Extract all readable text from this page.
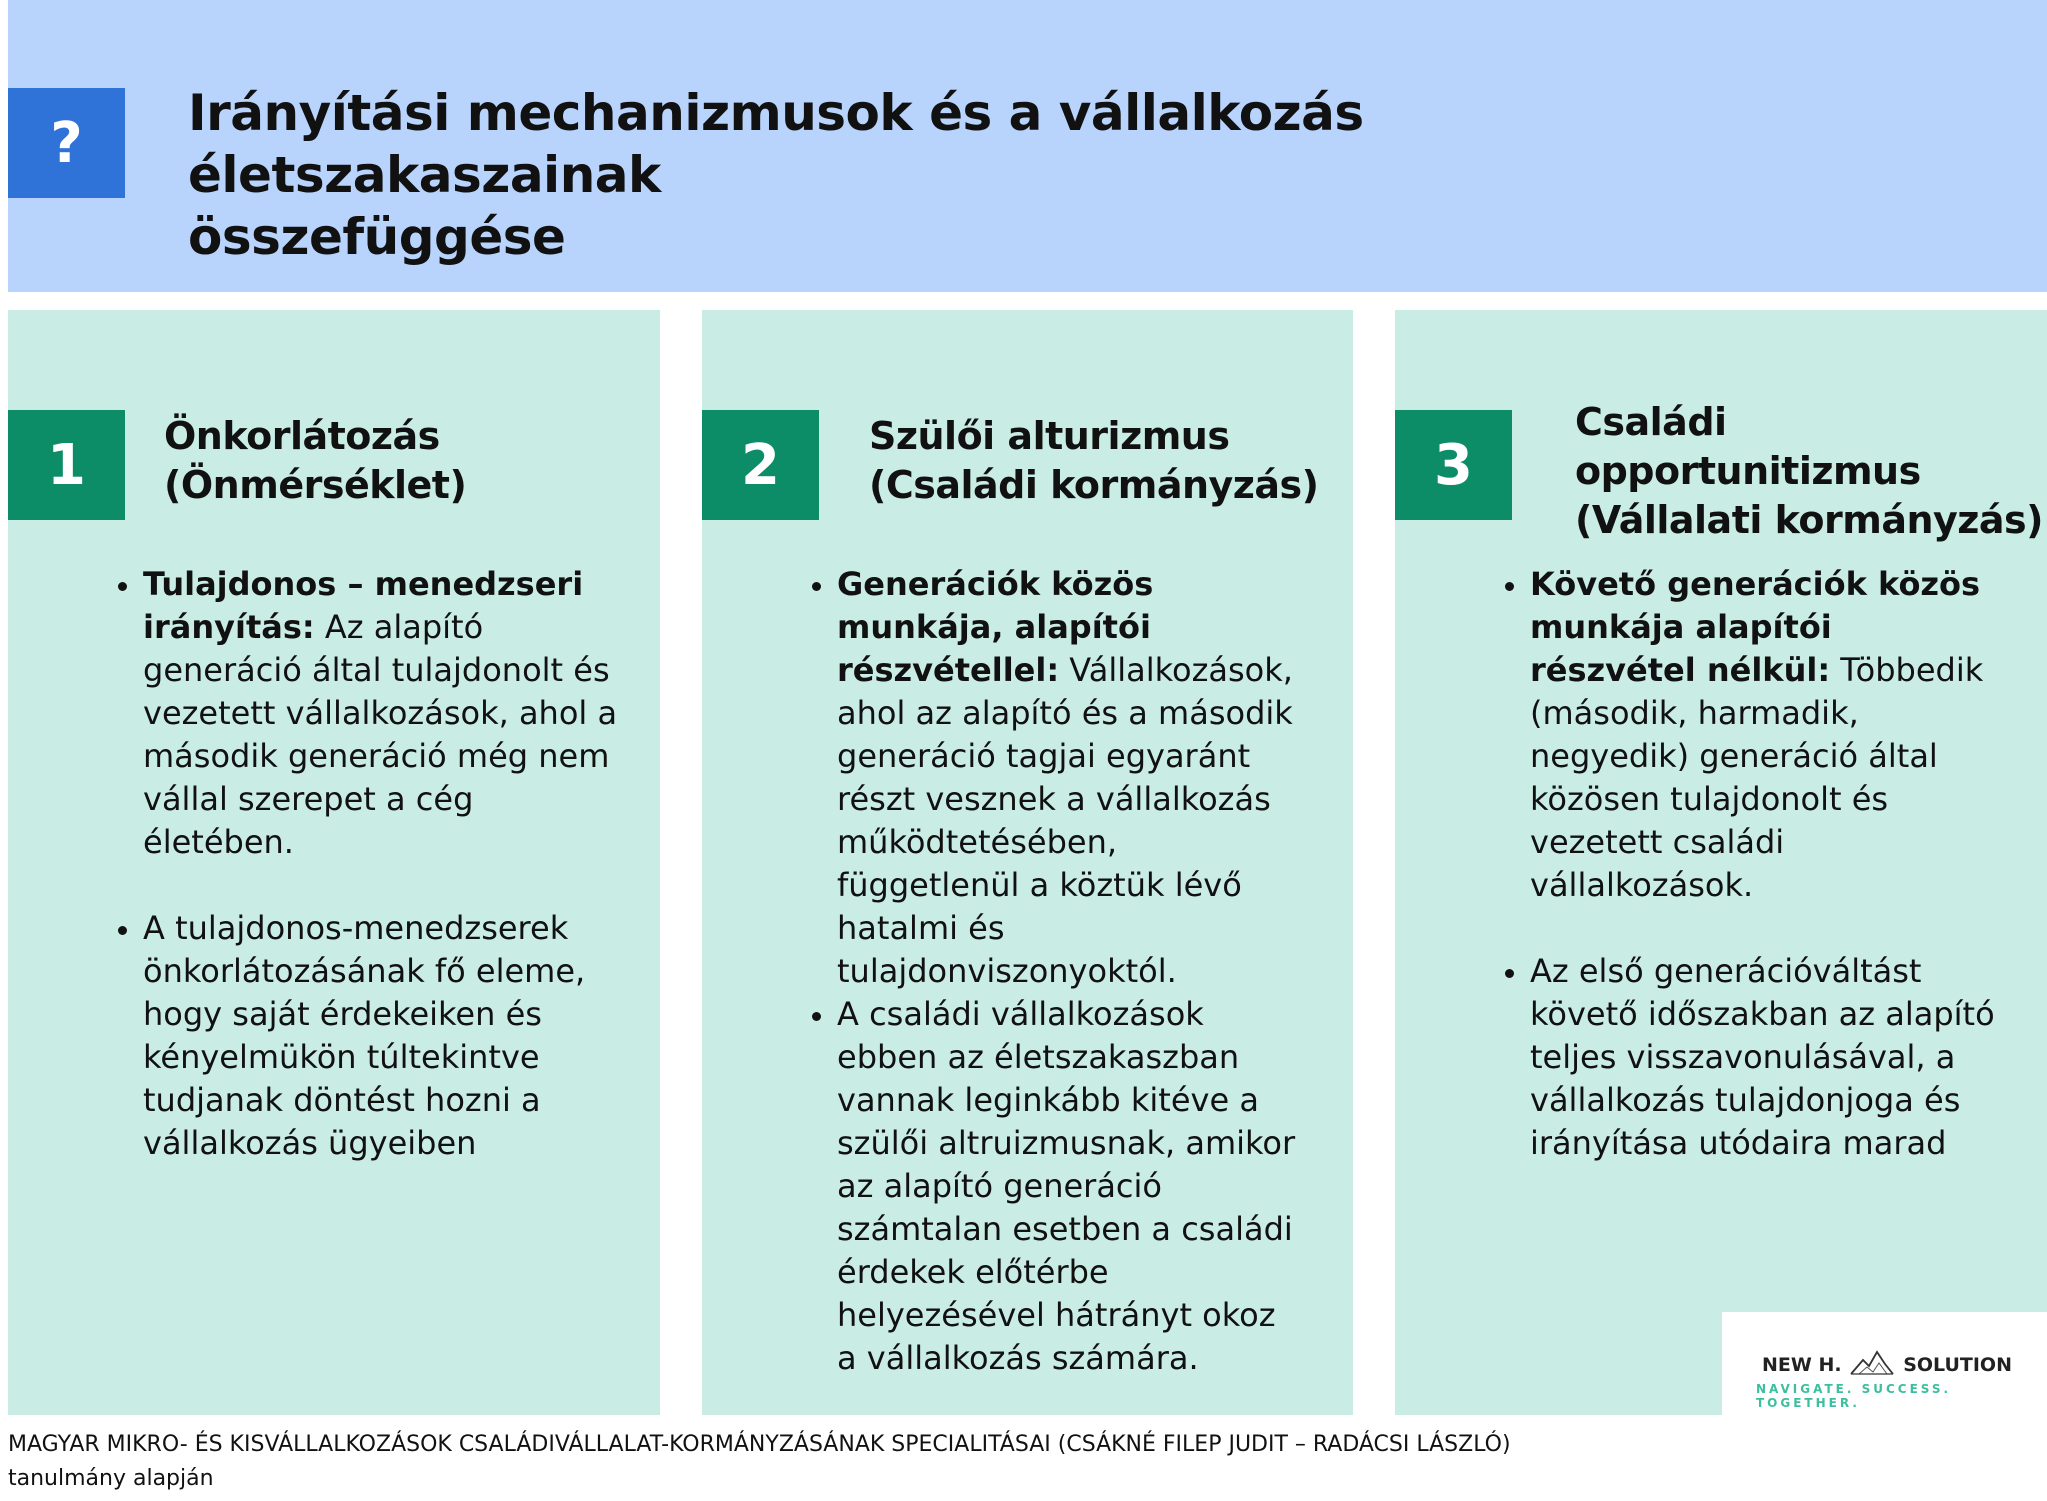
?	Irányítási mechanizmusok és a vállalkozás életszakaszainak
összefüggése
1	Önkorlátozás
(Önmérséklet)
Tulajdonos – menedzseri irányítás: Az alapító generáció által tulajdonolt és vezetett vállalkozások, ahol a második generáció még nem vállal szerepet a cég életében.
A tulajdonos-menedzserek önkorlátozásának fő eleme, hogy saját érdekeiken és kényelmükön túltekintve tudjanak döntést hozni a vállalkozás ügyeiben
2	Szülői alturizmus
(Családi kormányzás)
Generációk közös munkája, alapítói részvétellel: Vállalkozások, ahol az alapító és a második generáció tagjai egyaránt részt vesznek a vállalkozás működtetésében, függetlenül a köztük lévő hatalmi és tulajdonviszonyoktól.
A családi vállalkozások ebben az életszakaszban vannak leginkább kitéve a szülői altruizmusnak, amikor az alapító generáció számtalan esetben a családi érdekek előtérbe helyezésével hátrányt okoz a vállalkozás számára.
3
Családi
opportunitizmus
(Vállalati kormányzás)
Követő generációk közös munkája alapítói részvétel nélkül: Többedik (második, harmadik, negyedik) generáció által közösen tulajdonolt és vezetett családi vállalkozások.
Az első generációváltást követő időszakban az alapító teljes visszavonulásával, a vállalkozás tulajdonjoga és irányítása utódaira marad
NEW H.	SOLUTION
NAVIGATE. SUCCESS. TOGETHER.
MAGYAR MIKRO- ÉS KISVÁLLALKOZÁSOK CSALÁDIVÁLLALAT-KORMÁNYZÁSÁNAK SPECIALITÁSAI (CSÁKNÉ FILEP JUDIT – RADÁCSI LÁSZLÓ)
tanulmány alapján
